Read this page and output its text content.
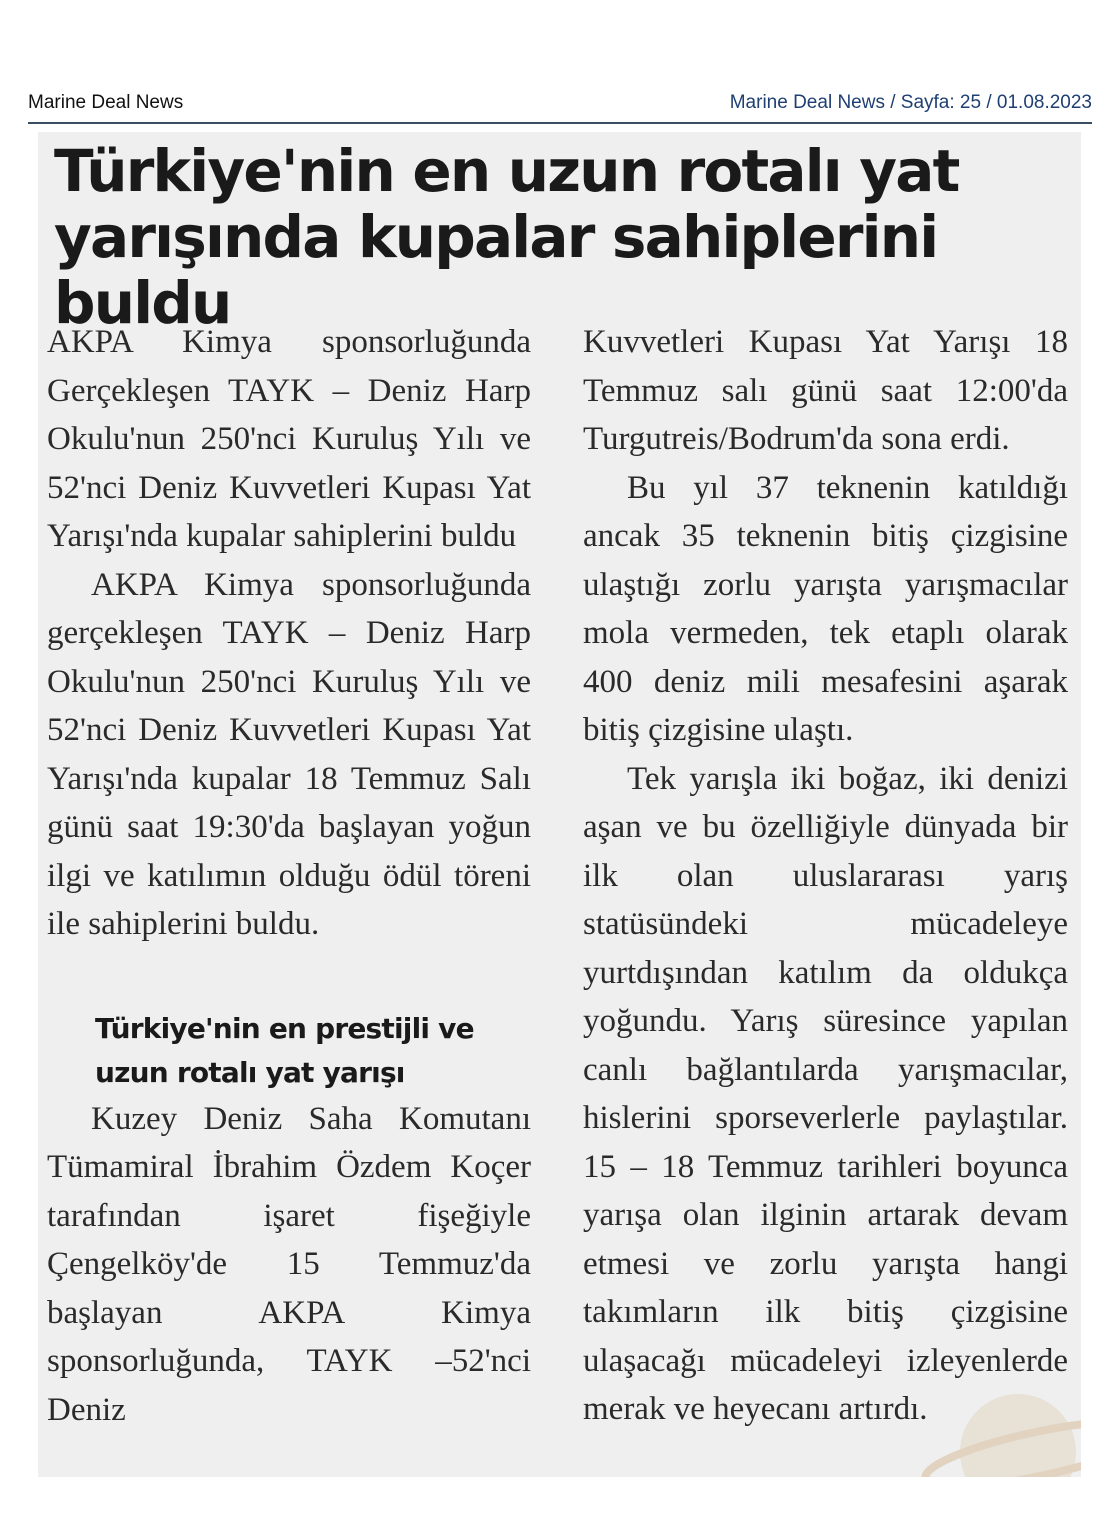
Marine Deal News	Marine Deal News / Sayfa: 25 / 01.08.2023
Türkiye'nin en uzun rotalı yat
yarışında kupalar sahiplerini buldu

AKPA Kimya sponsorluğunda Gerçekleşen TAYK – Deniz Harp Okulu'nun 250'nci Kuruluş Yılı ve 52'nci Deniz Kuvvetleri Kupası Yat Yarışı'nda kupalar sahiplerini buldu

AKPA Kimya sponsorluğunda gerçekleşen TAYK – Deniz Harp Okulu'nun 250'nci Kuruluş Yılı ve 52'nci Deniz Kuvvetleri Kupası Yat Yarışı'nda kupalar 18 Temmuz Salı günü saat 19:30'da başlayan yoğun ilgi ve katılımın olduğu ödül töreni ile sahiplerini buldu.

Türkiye'nin en prestijli ve uzun rotalı yat yarışı

Kuzey Deniz Saha Komutanı Tümamiral İbrahim Özdem Koçer tarafından işaret fişeğiyle Çengelköy'de 15 Temmuz'da başlayan AKPA Kimya sponsorluğunda, TAYK –52'nci Deniz

Kuvvetleri Kupası Yat Yarışı 18 Temmuz salı günü saat 12:00'da Turgutreis/Bodrum'da sona erdi.

Bu yıl 37 teknenin katıldığı ancak 35 teknenin bitiş çizgisine ulaştığı zorlu yarışta yarışmacılar mola vermeden, tek etaplı olarak 400 deniz mili mesafesini aşarak bitiş çizgisine ulaştı.

Tek yarışla iki boğaz, iki denizi aşan ve bu özelliğiyle dünyada bir ilk olan uluslararası yarış statüsündeki mücadeleye yurtdışından katılım da oldukça yoğundu. Yarış süresince yapılan canlı bağlantılarda yarışmacılar, hislerini sporseverlerle paylaştılar. 15 – 18 Temmuz tarihleri boyunca yarışa olan ilginin artarak devam etmesi ve zorlu yarışta hangi takımların ilk bitiş çizgisine ulaşacağı mücadeleyi izleyenlerde merak ve heyecanı artırdı.
